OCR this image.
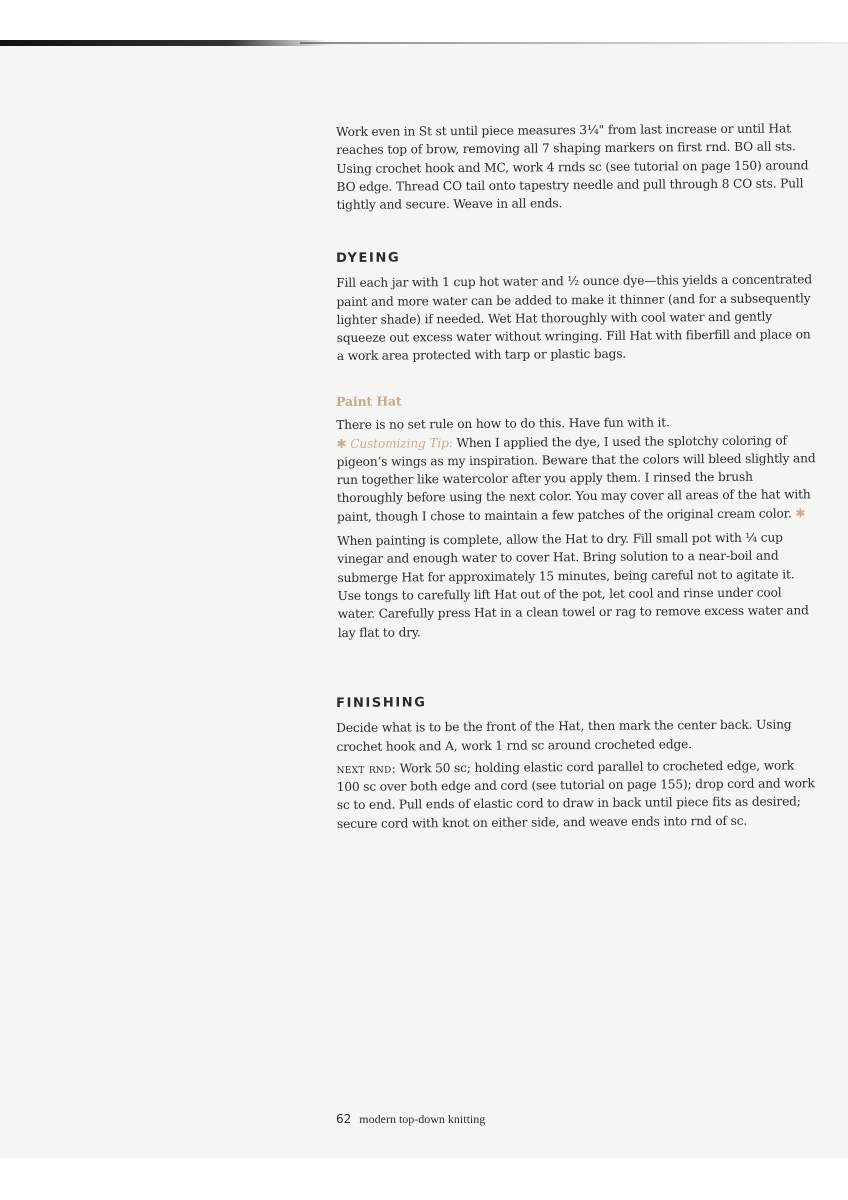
Work even in St st until piece measures 3¼" from last increase or until Hat reaches top of brow, removing all 7 shaping markers on first rnd. BO all sts. Using crochet hook and MC, work 4 rnds sc (see tutorial on page 150) around BO edge. Thread CO tail onto tapestry needle and pull through 8 CO sts. Pull tightly and secure. Weave in all ends.

DYEING

Fill each jar with 1 cup hot water and ½ ounce dye—this yields a concentrated paint and more water can be added to make it thinner (and for a subsequently lighter shade) if needed. Wet Hat thoroughly with cool water and gently squeeze out excess water without wringing. Fill Hat with fiberfill and place on a work area protected with tarp or plastic bags.

Paint Hat

There is no set rule on how to do this. Have fun with it.

✱ Customizing Tip: When I applied the dye, I used the splotchy coloring of pigeon’s wings as my inspiration. Beware that the colors will bleed slightly and run together like watercolor after you apply them. I rinsed the brush thoroughly before using the next color. You may cover all areas of the hat with paint, though I chose to maintain a few patches of the original cream color. ✱

When painting is complete, allow the Hat to dry. Fill small pot with ¼ cup vinegar and enough water to cover Hat. Bring solution to a near-boil and submerge Hat for approximately 15 minutes, being careful not to agitate it. Use tongs to carefully lift Hat out of the pot, let cool and rinse under cool water. Carefully press Hat in a clean towel or rag to remove excess water and lay flat to dry.

FINISHING

Decide what is to be the front of the Hat, then mark the center back. Using crochet hook and A, work 1 rnd sc around crocheted edge.

next rnd: Work 50 sc; holding elastic cord parallel to crocheted edge, work 100 sc over both edge and cord (see tutorial on page 155); drop cord and work sc to end. Pull ends of elastic cord to draw in back until piece fits as desired; secure cord with knot on either side, and weave ends into rnd of sc.

62 modern top-down knitting
